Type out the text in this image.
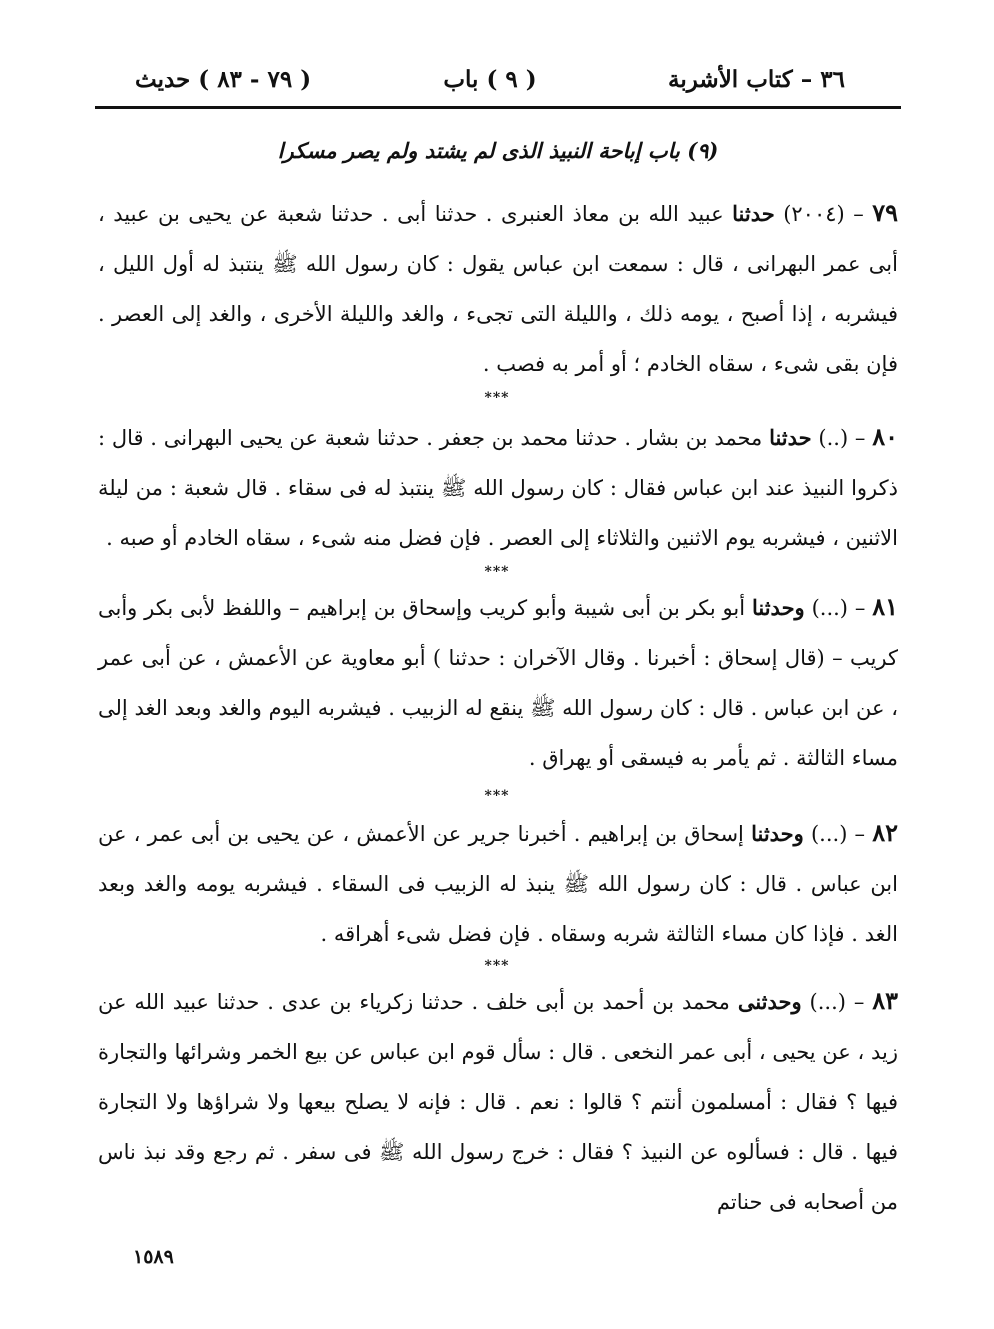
٣٦ – كتاب الأشربة
( ٩ ) باب
( ٧٩ - ٨٣ ) حديث
(٩) باب إباحة النبيذ الذى لم يشتد ولم يصر مسكرا

٧٩ – (٢٠٠٤) حدثنا عبيد الله بن معاذ العنبرى . حدثنا أبى . حدثنا شعبة عن يحيى بن عبيد ، أبى عمر البهرانى ، قال : سمعت ابن عباس يقول : كان رسول الله ﷺ ينتبذ له أول الليل ، فيشربه ، إذا أصبح ، يومه ذلك ، والليلة التى تجىء ، والغد والليلة الأخرى ، والغد إلى العصر . فإن بقى شىء ، سقاه الخادم ؛ أو أمر به فصب .

***

٨٠ – (..) حدثنا محمد بن بشار . حدثنا محمد بن جعفر . حدثنا شعبة عن يحيى البهرانى . قال : ذكروا النبيذ عند ابن عباس فقال : كان رسول الله ﷺ ينتبذ له فى سقاء . قال شعبة : من ليلة الاثنين ، فيشربه يوم الاثنين والثلاثاء إلى العصر . فإن فضل منه شىء ، سقاه الخادم أو صبه .

***

٨١ – (...) وحدثنا أبو بكر بن أبى شيبة وأبو كريب وإسحاق بن إبراهيم – واللفظ لأبى بكر وأبى كريب – (قال إسحاق : أخبرنا . وقال الآخران : حدثنا ) أبو معاوية عن الأعمش ، عن أبى عمر ، عن ابن عباس . قال : كان رسول الله ﷺ ينقع له الزبيب . فيشربه اليوم والغد وبعد الغد إلى مساء الثالثة . ثم يأمر به فيسقى أو يهراق .

***

٨٢ – (...) وحدثنا إسحاق بن إبراهيم . أخبرنا جرير عن الأعمش ، عن يحيى بن أبى عمر ، عن ابن عباس . قال : كان رسول الله ﷺ ينبذ له الزبيب فى السقاء . فيشربه يومه والغد وبعد الغد . فإذا كان مساء الثالثة شربه وسقاه . فإن فضل شىء أهراقه .

***

٨٣ – (...) وحدثنى محمد بن أحمد بن أبى خلف . حدثنا زكرياء بن عدى . حدثنا عبيد الله عن زيد ، عن يحيى ، أبى عمر النخعى . قال : سأل قوم ابن عباس عن بيع الخمر وشرائها والتجارة فيها ؟ فقال : أمسلمون أنتم ؟ قالوا : نعم . قال : فإنه لا يصلح بيعها ولا شراؤها ولا التجارة فيها . قال : فسألوه عن النبيذ ؟ فقال : خرج رسول الله ﷺ فى سفر . ثم رجع وقد نبذ ناس من أصحابه فى حناتم

١٥٨٩
